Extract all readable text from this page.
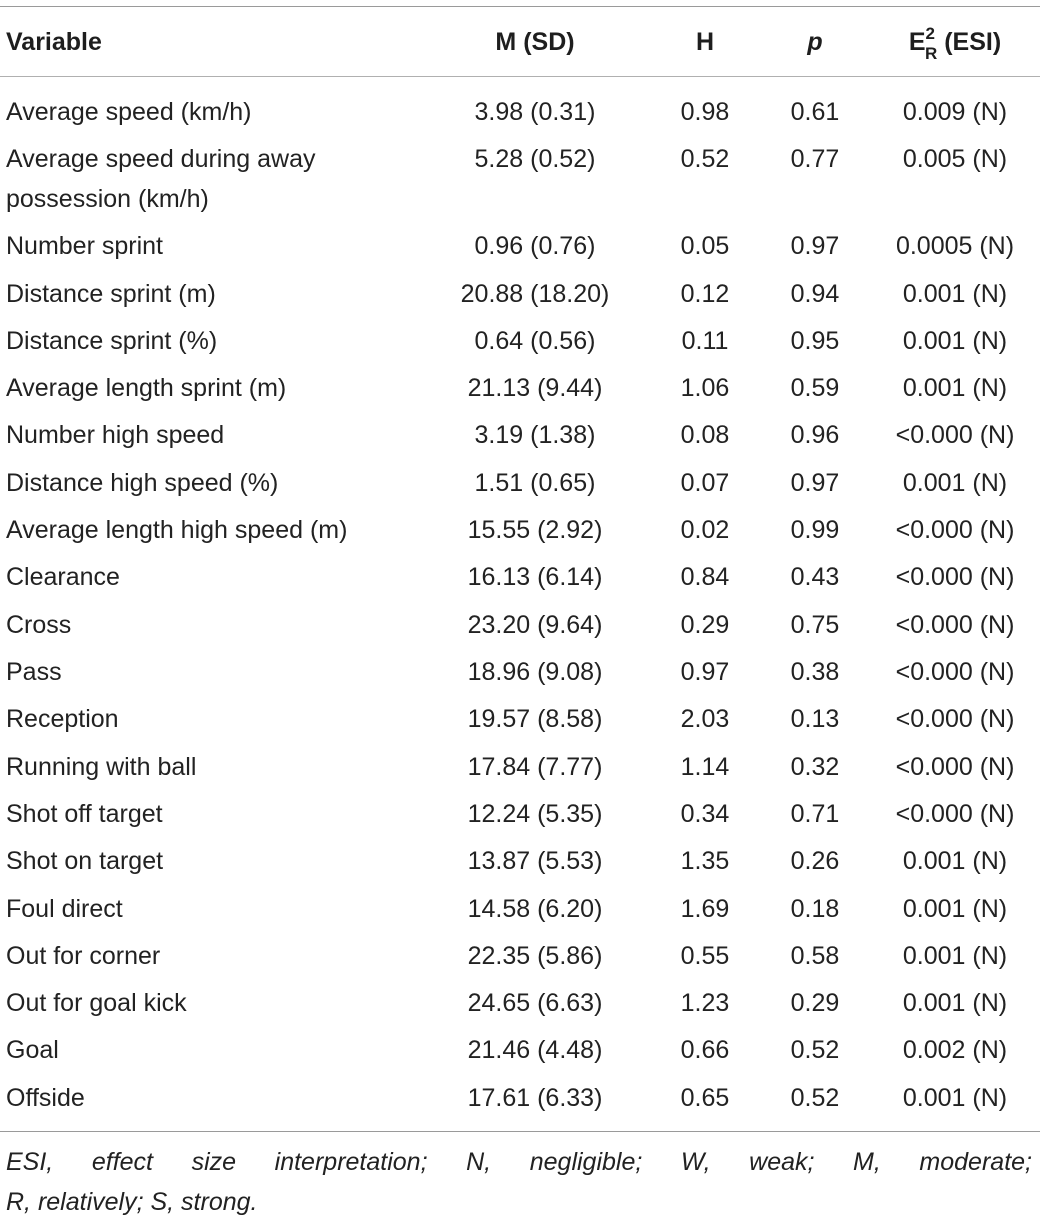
Variable	M (SD)	H	p	$E^2_R$ (ESI)
Average speed (km/h)	3.98 (0.31)	0.98	0.61	0.009 (N)
Average speed during away	5.28 (0.52)	0.52	0.77	0.005 (N)
possession (km/h)
Number sprint	0.96 (0.76)	0.05	0.97	0.0005 (N)
Distance sprint (m)	20.88 (18.20)	0.12	0.94	0.001 (N)
Distance sprint (%)	0.64 (0.56)	0.11	0.95	0.001 (N)
Average length sprint (m)	21.13 (9.44)	1.06	0.59	0.001 (N)
Number high speed	3.19 (1.38)	0.08	0.96	<0.000 (N)
Distance high speed (%)	1.51 (0.65)	0.07	0.97	0.001 (N)
Average length high speed (m)	15.55 (2.92)	0.02	0.99	<0.000 (N)
Clearance	16.13 (6.14)	0.84	0.43	<0.000 (N)
Cross	23.20 (9.64)	0.29	0.75	<0.000 (N)
Pass	18.96 (9.08)	0.97	0.38	<0.000 (N)
Reception	19.57 (8.58)	2.03	0.13	<0.000 (N)
Running with ball	17.84 (7.77)	1.14	0.32	<0.000 (N)
Shot off target	12.24 (5.35)	0.34	0.71	<0.000 (N)
Shot on target	13.87 (5.53)	1.35	0.26	0.001 (N)
Foul direct	14.58 (6.20)	1.69	0.18	0.001 (N)
Out for corner	22.35 (5.86)	0.55	0.58	0.001 (N)
Out for goal kick	24.65 (6.63)	1.23	0.29	0.001 (N)
Goal	21.46 (4.48)	0.66	0.52	0.002 (N)
Offside	17.61 (6.33)	0.65	0.52	0.001 (N)
ESI, effect size interpretation; N, negligible; W, weak; M, moderate;
R, relatively; S, strong.
